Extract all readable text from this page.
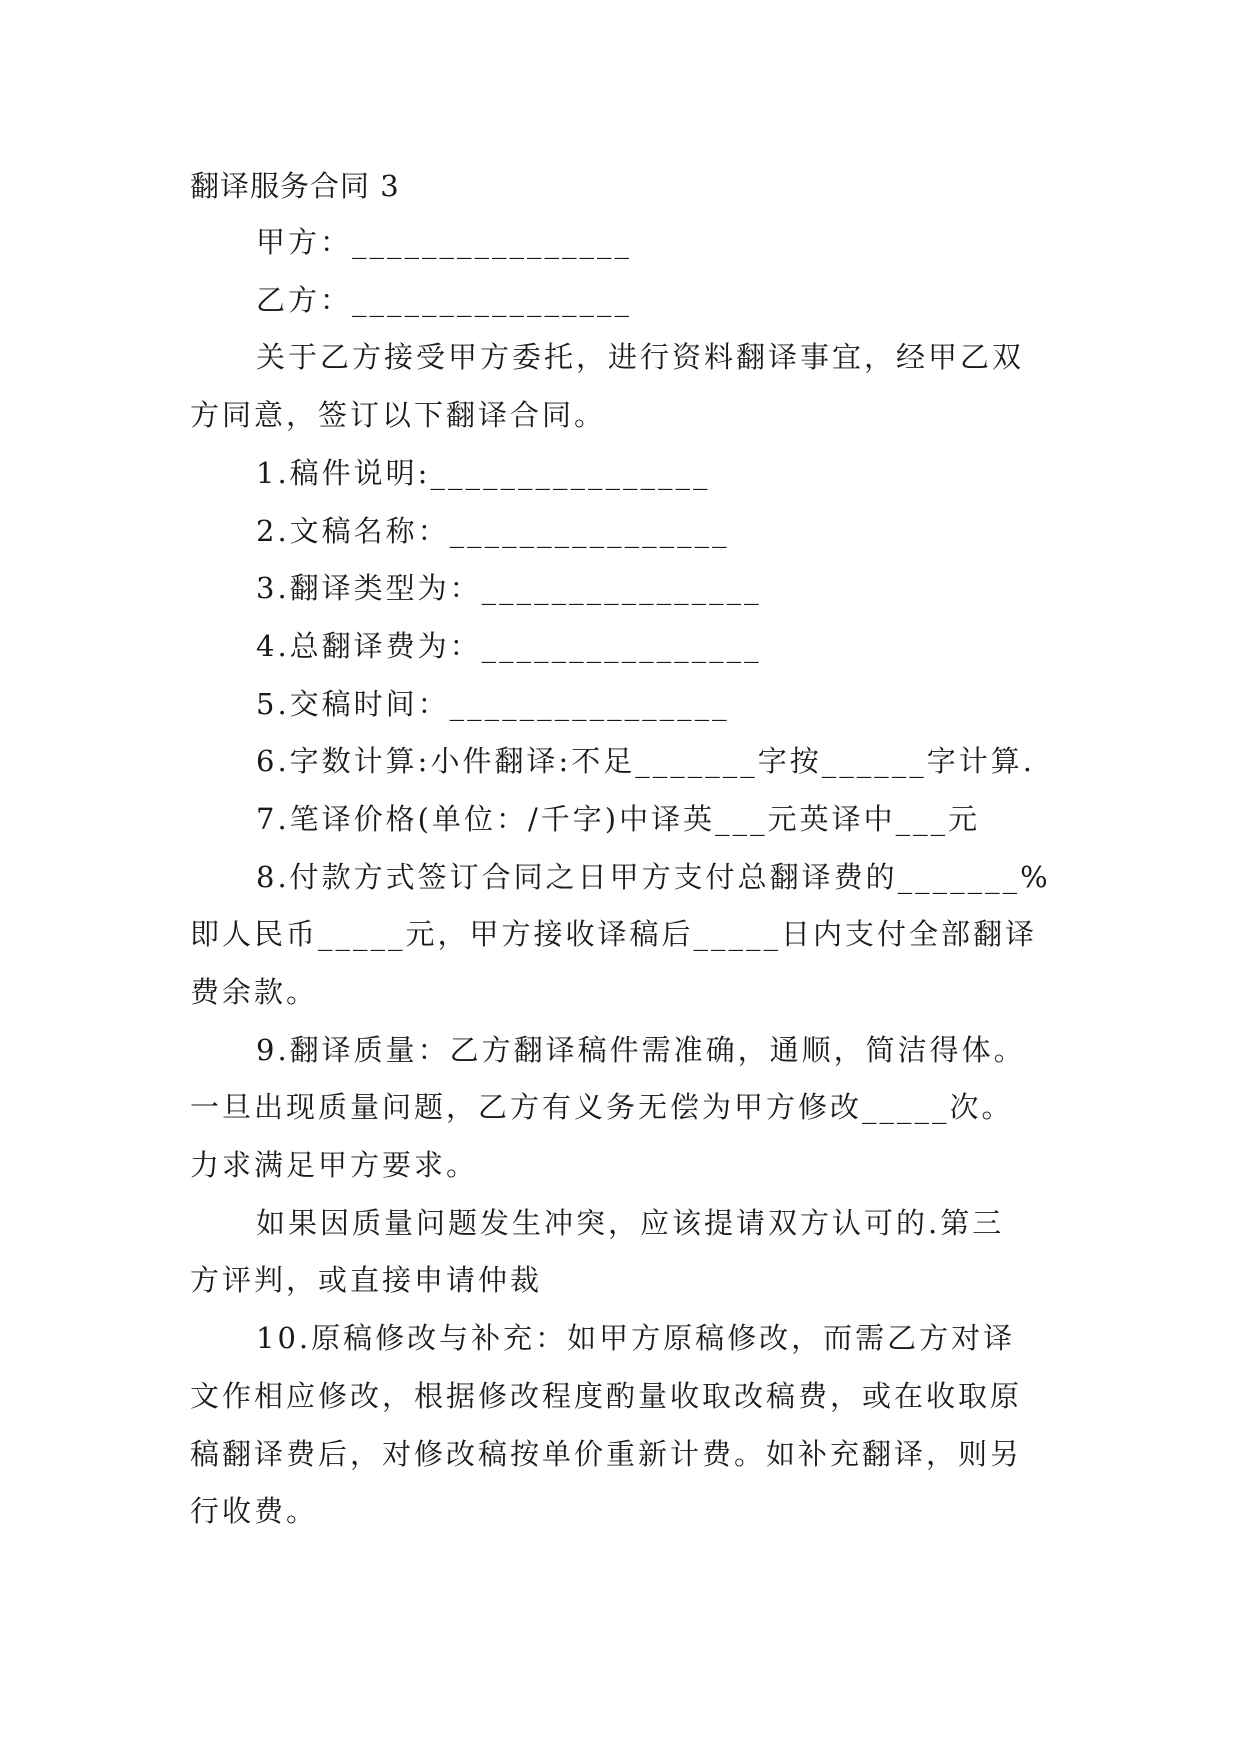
翻译服务合同 3
甲方：________________
乙方：________________
关于乙方接受甲方委托，进行资料翻译事宜，经甲乙双
方同意，签订以下翻译合同。
1.稿件说明:________________
2.文稿名称：________________
3.翻译类型为：________________
4.总翻译费为：________________
5.交稿时间：________________
6.字数计算:小件翻译:不足_______字按______字计算.
7.笔译价格(单位：/千字)中译英___元英译中___元
8.付款方式签订合同之日甲方支付总翻译费的_______%
即人民币_____元，甲方接收译稿后_____日内支付全部翻译
费余款。
9.翻译质量：乙方翻译稿件需准确，通顺，简洁得体。
一旦出现质量问题，乙方有义务无偿为甲方修改_____次。
力求满足甲方要求。
如果因质量问题发生冲突，应该提请双方认可的.第三
方评判，或直接申请仲裁
10.原稿修改与补充：如甲方原稿修改，而需乙方对译
文作相应修改，根据修改程度酌量收取改稿费，或在收取原
稿翻译费后，对修改稿按单价重新计费。如补充翻译，则另
行收费。
